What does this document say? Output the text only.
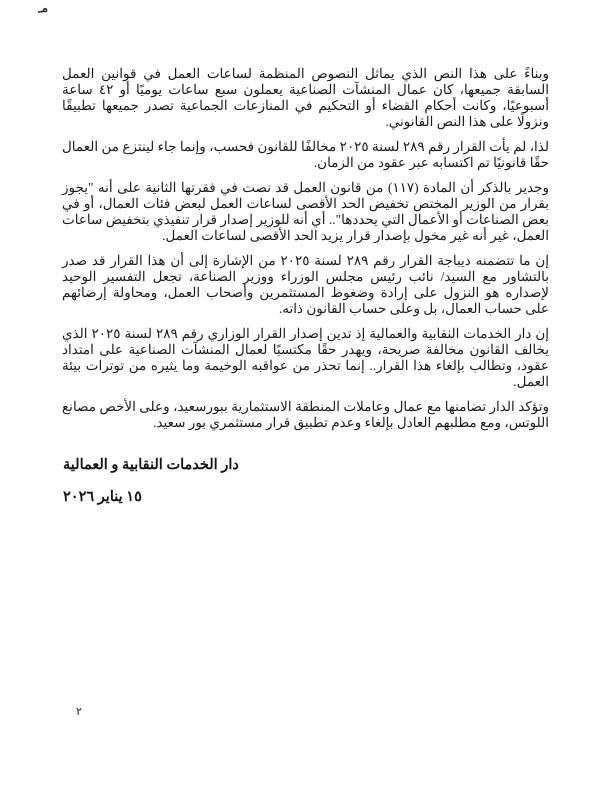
مـ

وبناءً على هذا النص الذي يماثل النصوص المنظمة لساعات العمل في قوانين العمل السابقة جميعها، كان عمال المنشآت الصناعية يعملون سبع ساعات يوميًا أو ٤٢ ساعة أسبوعيًا، وكانت أحكام القضاء أو التحكيم في المنازعات الجماعية تصدر جميعها تطبيقًا ونزولًا على هذا النص القانوني.

لذا، لم يأت القرار رقم ٢٨٩ لسنة ٢٠٢٥ مخالفًا للقانون فحسب، وإنما جاء لينتزع من العمال حقًا قانونيًا تم اكتسابه عبر عقود من الزمان.

وجدير بالذكر أن المادة (١١٧) من قانون العمل قد نصت في فقرتها الثانية على أنه "يجوز بقرار من الوزير المختص تخفيض الحد الأقصى لساعات العمل لبعض فئات العمال، أو في بعض الصناعات أو الأعمال التي يحددها".. أي أنه للوزير إصدار قرار تنفيذي بتخفيض ساعات العمل، غير أنه غير مخول بإصدار قرار يزيد الحد الأقصى لساعات العمل.

إن ما تتضمنه ديباجة القرار رقم ٢٨٩ لسنة ٢٠٢٥ من الإشارة إلى أن هذا القرار قد صدر بالتشاور مع السيد/ نائب رئيس مجلس الوزراء ووزير الصناعة، تجعل التفسير الوحيد لإصداره هو النزول على إرادة وضغوط المستثمرين وأصحاب العمل، ومحاولة إرضائهم على حساب العمال، بل وعلى حساب القانون ذاته.

إن دار الخدمات النقابية والعمالية إذ تدين إصدار القرار الوزاري رقم ٢٨٩ لسنة ٢٠٢٥ الذي يخالف القانون مخالفة صريحة، ويهدر حقًا مكتسبًا لعمال المنشآت الصناعية على امتداد عقود، وتطالب بإلغاء هذا القرار.. إنما تحذر من عواقبه الوخيمة وما يثيره من توترات بيئة العمل.

وتؤكد الدار تضامنها مع عمال وعاملات المنطقة الاستثمارية ببورسعيد، وعلى الأخص مصانع اللوتس، ومع مطلبهم العادل بإلغاء وعدم تطبيق قرار مستثمري بور سعيد.

دار الخدمات النقابية و العمالية
١٥ يناير ٢٠٢٦
٢
